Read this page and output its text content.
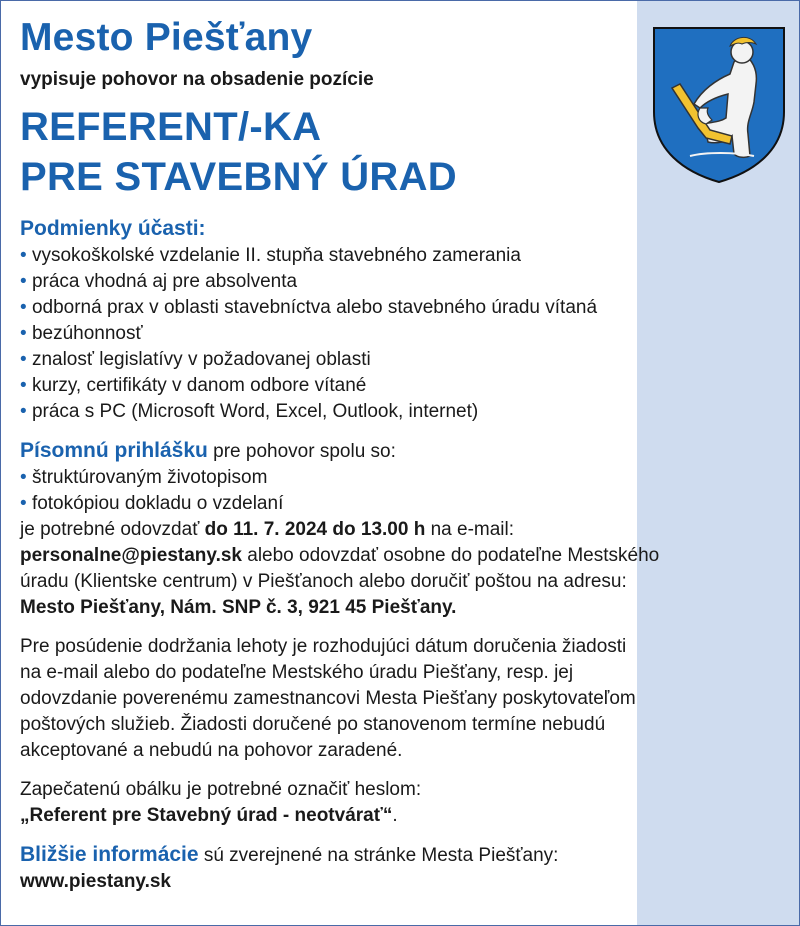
Mesto Piešťany
vypisuje pohovor na obsadenie pozície
REFERENT/-KA
PRE STAVEBNÝ ÚRAD
Podmienky účasti:
• vysokoškolské vzdelanie II. stupňa stavebného zamerania
• práca vhodná aj pre absolventa
• odborná prax v oblasti stavebníctva alebo stavebného úradu vítaná
• bezúhonnosť
• znalosť legislatívy v požadovanej oblasti
• kurzy, certifikáty v danom odbore vítané
• práca s PC (Microsoft Word, Excel, Outlook, internet)

Písomnú prihlášku pre pohovor spolu so:

• štruktúrovaným životopisom
• fotokópiou dokladu o vzdelaní

je potrebné odovzdať do 11. 7. 2024 do 13.00 h na e-mail:

personalne@piestany.sk alebo odovzdať osobne do podateľne Mestského

úradu (Klientske centrum) v Piešťanoch alebo doručiť poštou na adresu:

Mesto Piešťany, Nám. SNP č. 3, 921 45 Piešťany.

Pre posúdenie dodržania lehoty je rozhodujúci dátum doručenia žiadosti

na e-mail alebo do podateľne Mestského úradu Piešťany, resp. jej

odovzdanie poverenému zamestnancovi Mesta Piešťany poskytovateľom

poštových služieb. Žiadosti doručené po stanovenom termíne nebudú

akceptované a nebudú na pohovor zaradené.

Zapečatenú obálku je potrebné označiť heslom:

„Referent pre Stavebný úrad - neotvárať“.

Bližšie informácie sú zverejnené na stránke Mesta Piešťany:

www.piestany.sk
